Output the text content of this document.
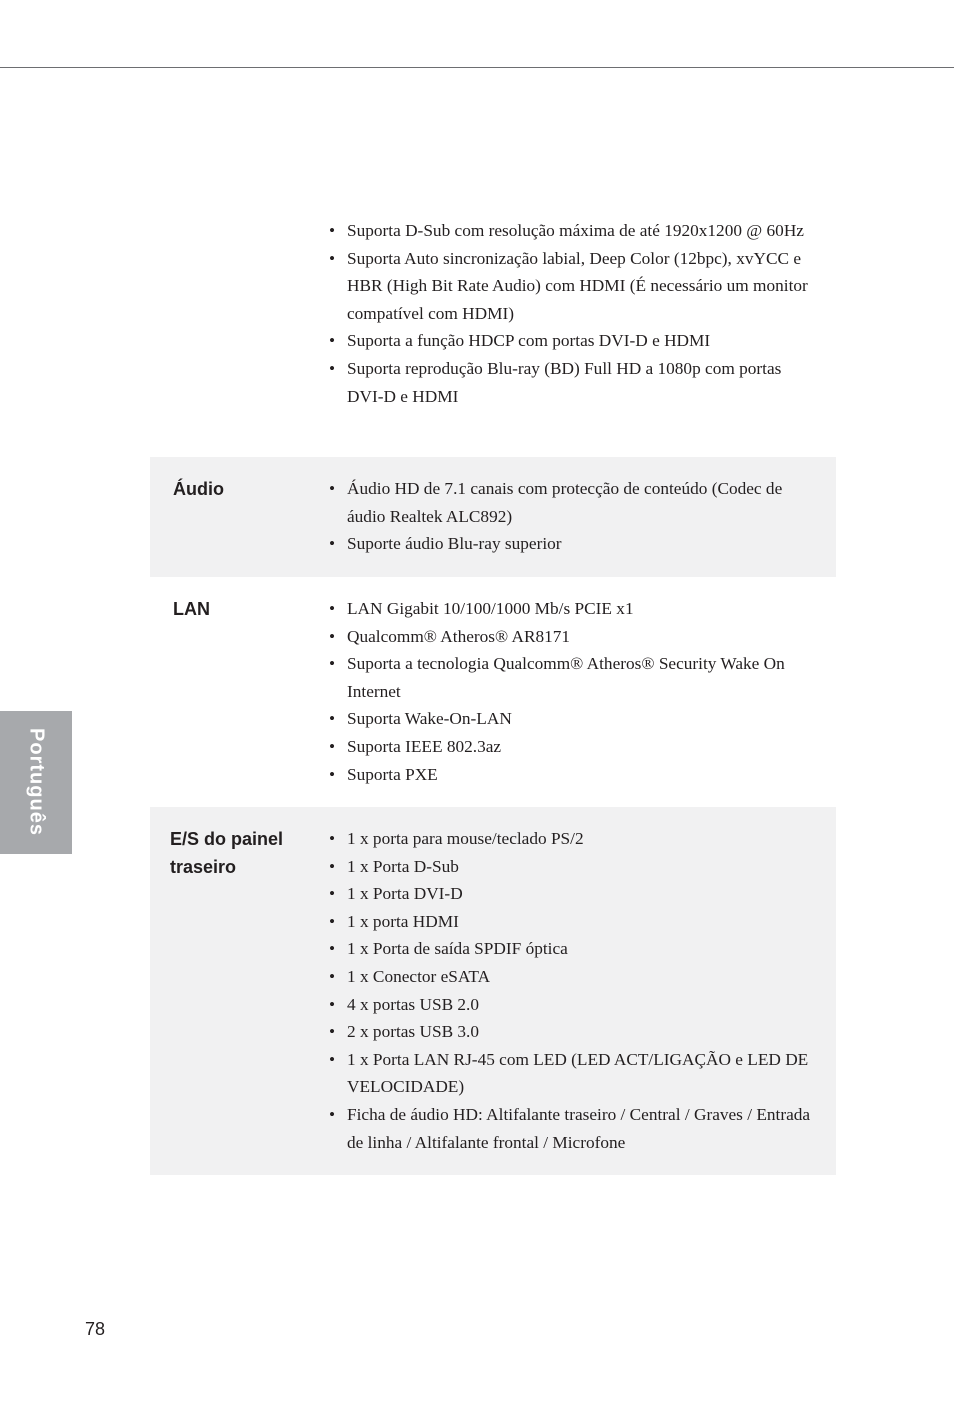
Português
• Suporta D-Sub com resolução máxima de até 1920x1200 @ 60Hz
• Suporta Auto sincronização labial, Deep Color (12bpc), xvYCC e HBR (High Bit Rate Audio) com HDMI (É necessário um monitor compatível com HDMI)
• Suporta a função HDCP com portas DVI-D e HDMI
• Suporta reprodução Blu-ray (BD) Full HD a 1080p com portas DVI-D e HDMI
Áudio	• Áudio HD de 7.1 canais com protecção de conteúdo (Codec de áudio Realtek ALC892)
• Suporte áudio Blu-ray superior
LAN	• LAN Gigabit 10/100/1000 Mb/s PCIE x1
• Qualcomm® Atheros® AR8171
• Suporta a tecnologia Qualcomm® Atheros® Security Wake On Internet
• Suporta Wake-On-LAN
• Suporta IEEE 802.3az
• Suporta PXE
E/S do painel
traseiro
• 1 x porta para mouse/teclado PS/2
• 1 x Porta D-Sub
• 1 x Porta DVI-D
• 1 x porta HDMI
• 1 x Porta de saída SPDIF óptica
• 1 x Conector eSATA
• 4 x portas USB 2.0
• 2 x portas USB 3.0
• 1 x Porta LAN RJ-45 com LED (LED ACT/LIGAÇÃO e LED DE VELOCIDADE)
• Ficha de áudio HD: Altifalante traseiro / Central / Graves / Entrada de linha / Altifalante frontal / Microfone
78
